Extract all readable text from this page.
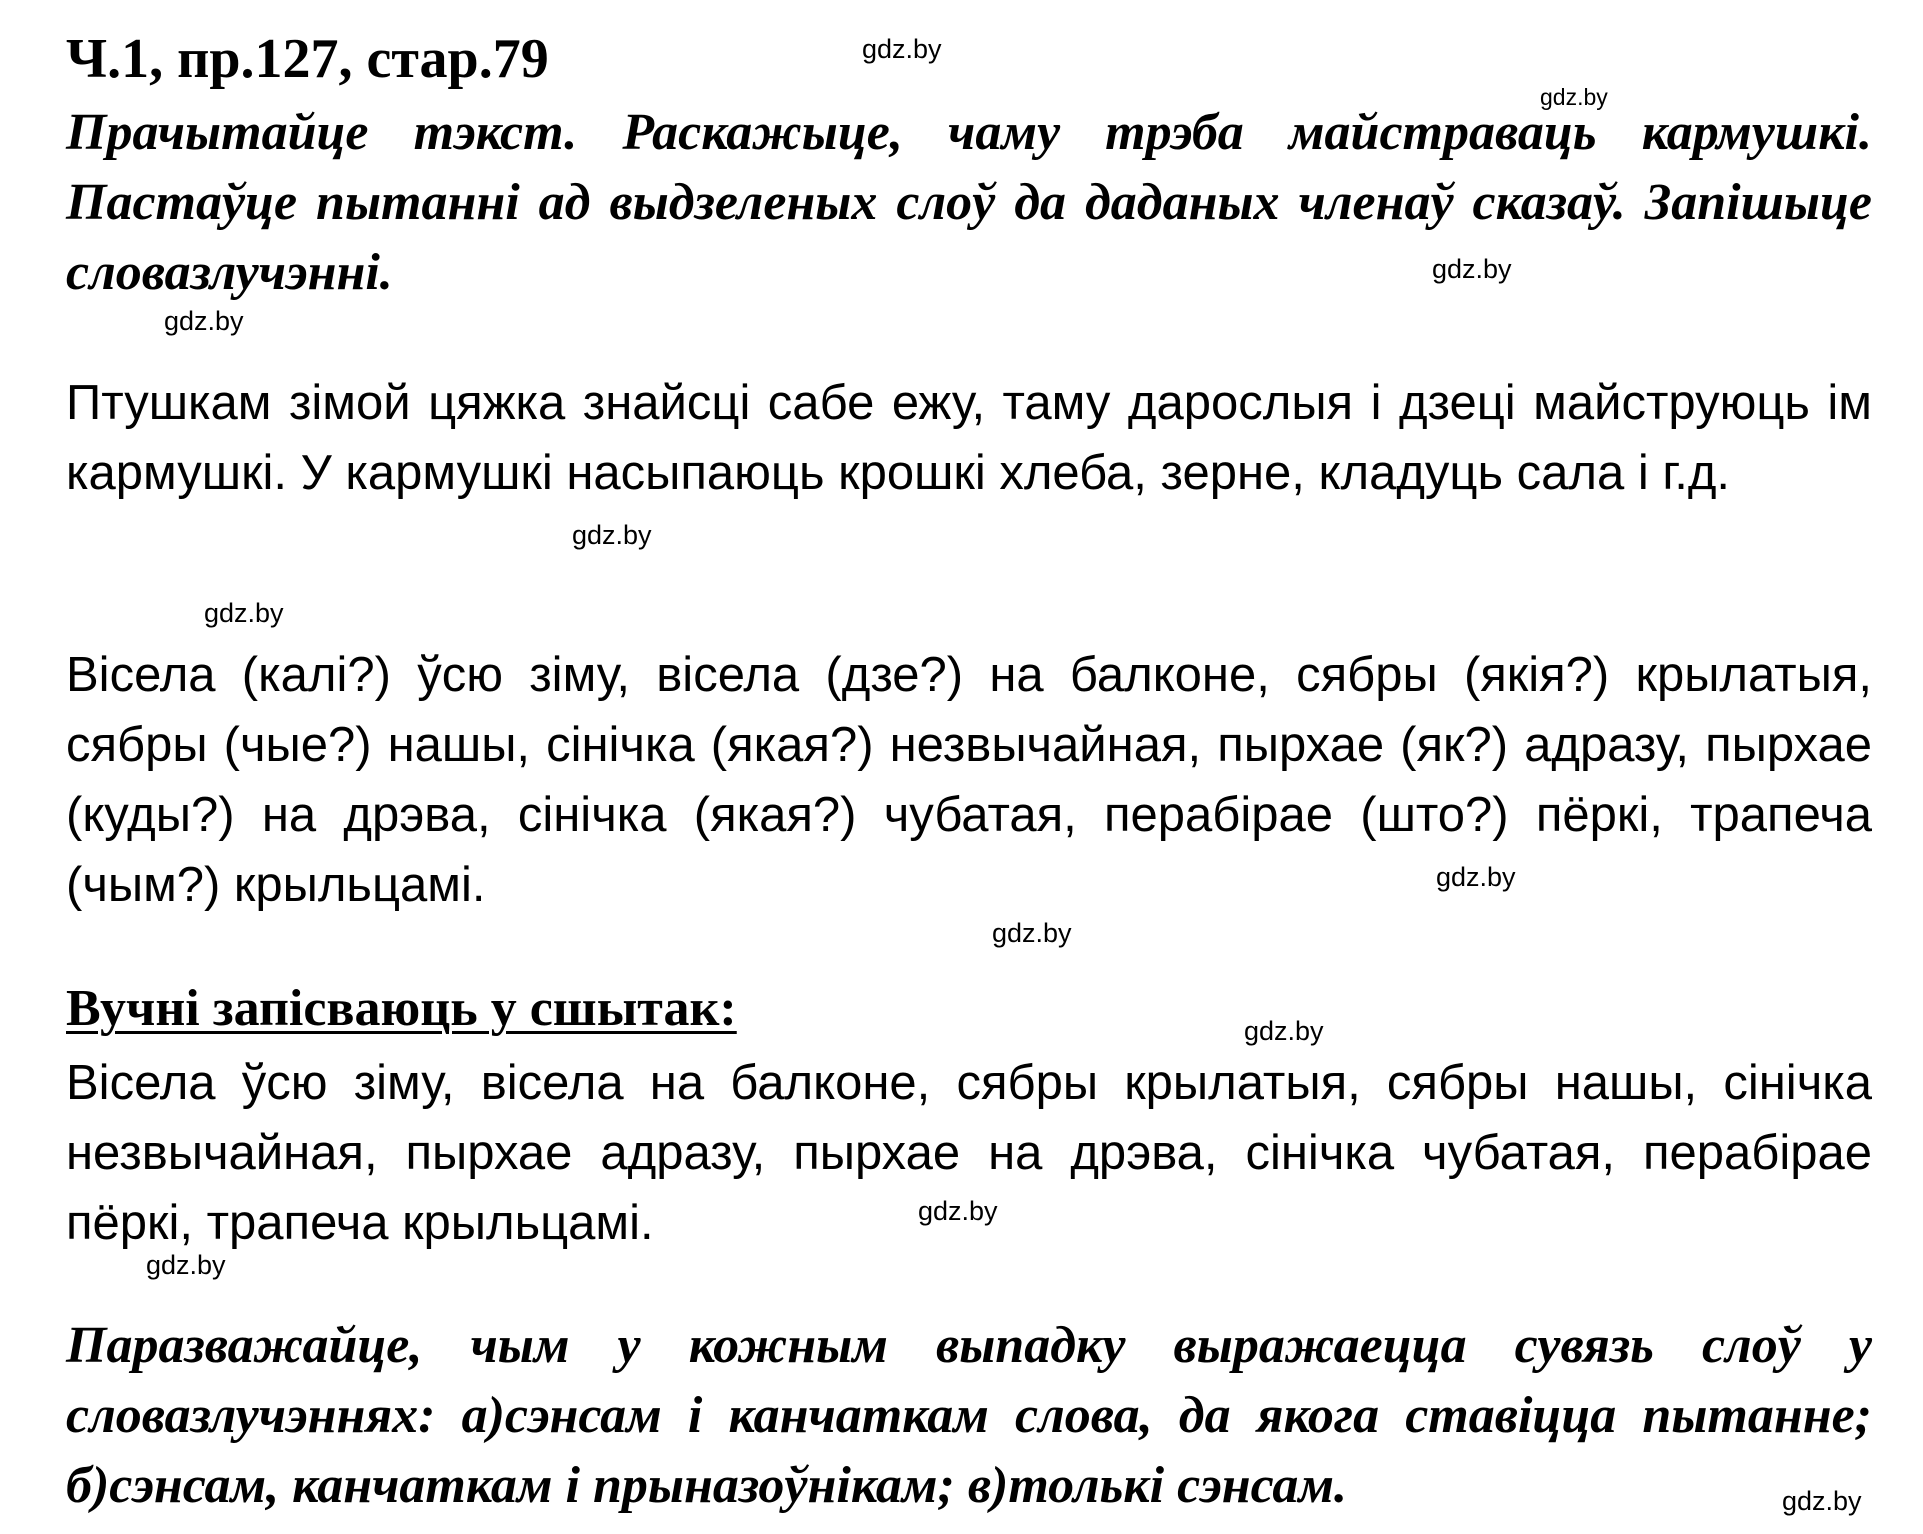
Ч.1, пр.127, стар.79
Прачытайце тэкст. Раскажыце, чаму трэба майстраваць кармушкі. Пастаўце пытанні ад выдзеленых слоў да даданых членаў сказаў. Запішыце словазлучэнні.
Птушкам зімой цяжка знайсці сабе ежу, таму дарослыя і дзеці майструюць ім кармушкі. У кармушкі насыпаюць крошкі хлеба, зерне, кладуць сала і г.д.
Вісела (калі?) ўсю зіму, вісела (дзе?) на балконе, сябры (якія?) крылатыя, сябры (чые?) нашы, сінічка (якая?) незвычайная, пырхае (як?) адразу, пырхае (куды?) на дрэва, сінічка (якая?) чубатая, перабірае (што?) пёркі, трапеча (чым?) крыльцамі.
Вучні запісваюць у сшытак:
Вісела ўсю зіму, вісела на балконе, сябры крылатыя, сябры нашы, сінічка незвычайная, пырхае адразу, пырхае на дрэва, сінічка чубатая, перабірае пёркі, трапеча крыльцамі.
Паразважайце, чым у кожным выпадку выражаецца сувязь слоў у словазлучэннях: а)сэнсам і канчаткам слова, да якога ставіцца пытанне; б)сэнсам, канчаткам і прыназоўнікам; в)толькі сэнсам.
gdz.by
gdz.by
gdz.by
gdz.by
gdz.by
gdz.by
gdz.by
gdz.by
gdz.by
gdz.by
gdz.by
gdz.by
